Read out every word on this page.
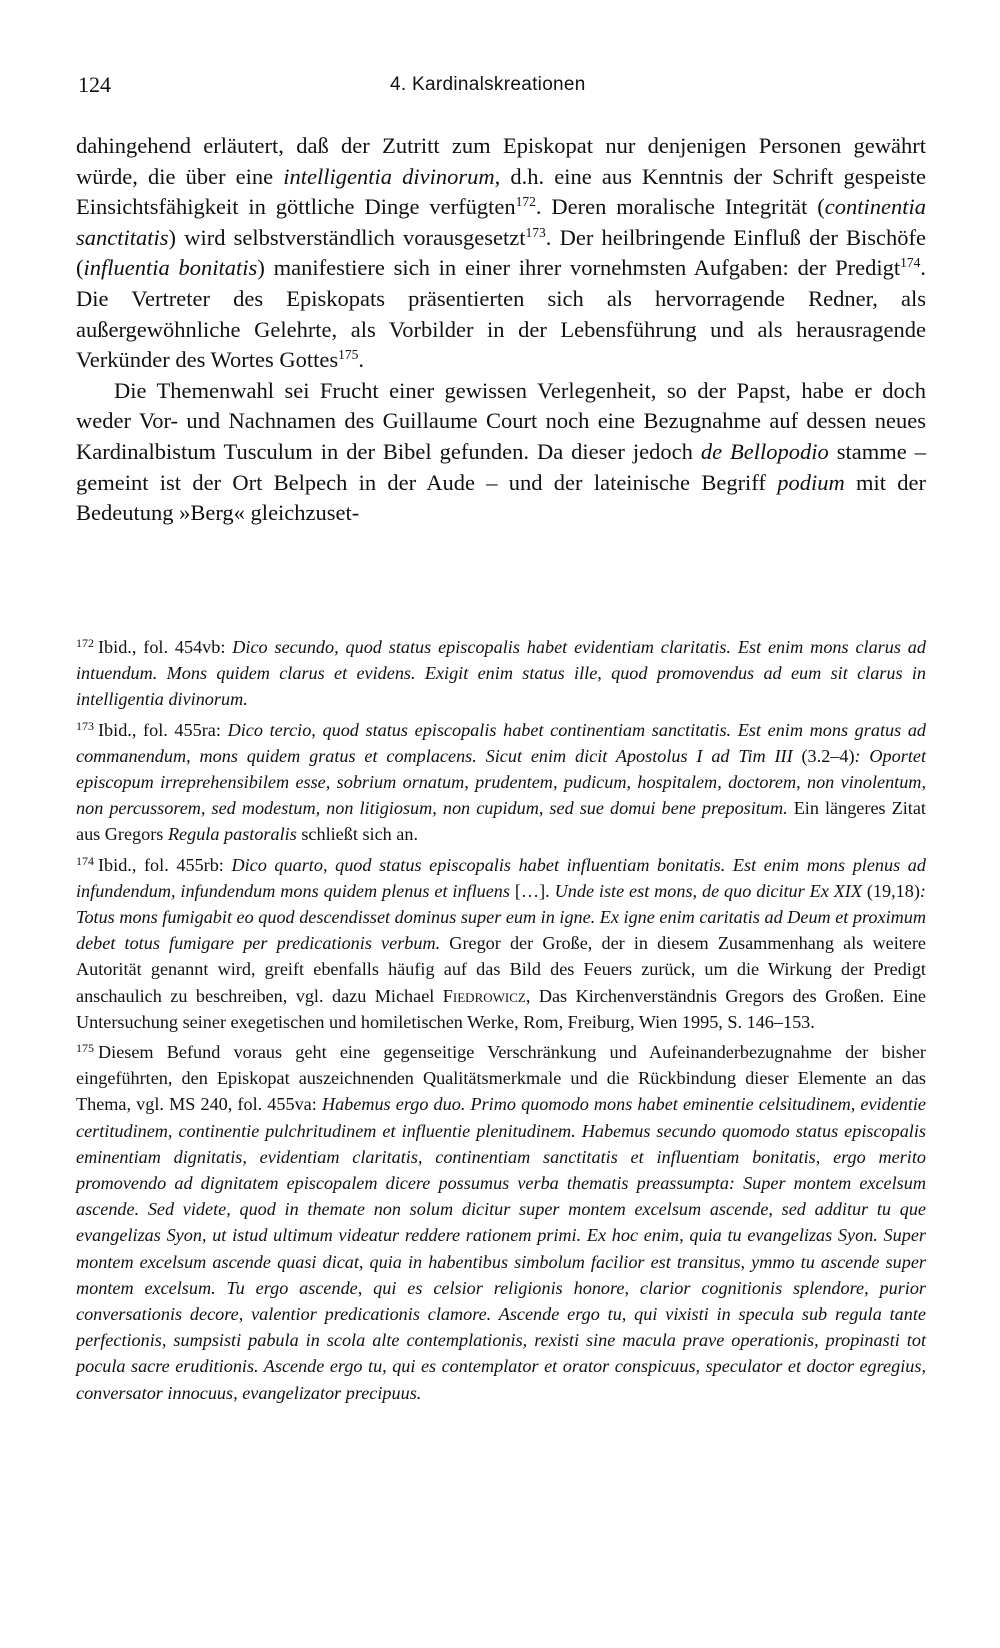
124	4. Kardinalskreationen

dahingehend erläutert, daß der Zutritt zum Episkopat nur denjenigen Personen gewährt würde, die über eine intelligentia divinorum, d.h. eine aus Kenntnis der Schrift gespeiste Einsichtsfähigkeit in göttliche Dinge verfügten$^{172}$. Deren moralische Integrität (continentia sanctitatis) wird selbstverständlich vorausgesetzt$^{173}$. Der heilbringende Einfluß der Bischöfe (influentia bonitatis) manifestiere sich in einer ihrer vornehmsten Aufgaben: der Predigt$^{174}$. Die Vertreter des Episkopats präsentierten sich als hervorragende Redner, als außergewöhnliche Gelehrte, als Vorbilder in der Lebensführung und als herausragende Verkünder des Wortes Gottes$^{175}$.

Die Themenwahl sei Frucht einer gewissen Verlegenheit, so der Papst, habe er doch weder Vor- und Nachnamen des Guillaume Court noch eine Bezugnahme auf dessen neues Kardinalbistum Tusculum in der Bibel gefunden. Da dieser jedoch de Bellopodio stamme – gemeint ist der Ort Belpech in der Aude – und der lateinische Begriff podium mit der Bedeutung »Berg« gleichzuset-

$^{172}$ Ibid., fol. 454vb: Dico secundo, quod status episcopalis habet evidentiam claritatis. Est enim mons clarus ad intuendum. Mons quidem clarus et evidens. Exigit enim status ille, quod promovendus ad eum sit clarus in intelligentia divinorum.

$^{173}$ Ibid., fol. 455ra: Dico tercio, quod status episcopalis habet continentiam sanctitatis. Est enim mons gratus ad commanendum, mons quidem gratus et complacens. Sicut enim dicit Apostolus I ad Tim III (3.2–4): Oportet episcopum irreprehensibilem esse, sobrium ornatum, prudentem, pudicum, hospitalem, doctorem, non vinolentum, non percussorem, sed modestum, non litigiosum, non cupidum, sed sue domui bene prepositum. Ein längeres Zitat aus Gregors Regula pastoralis schließt sich an.

$^{174}$ Ibid., fol. 455rb: Dico quarto, quod status episcopalis habet influentiam bonitatis. Est enim mons plenus ad infundendum, infundendum mons quidem plenus et influens […]. Unde iste est mons, de quo dicitur Ex XIX (19,18): Totus mons fumigabit eo quod descendisset dominus super eum in igne. Ex igne enim caritatis ad Deum et proximum debet totus fumigare per predicationis verbum. Gregor der Große, der in diesem Zusammenhang als weitere Autorität genannt wird, greift ebenfalls häufig auf das Bild des Feuers zurück, um die Wirkung der Predigt anschaulich zu beschreiben, vgl. dazu Michael Fiedrowicz, Das Kirchenverständnis Gregors des Großen. Eine Untersuchung seiner exegetischen und homiletischen Werke, Rom, Freiburg, Wien 1995, S. 146–153.

$^{175}$ Diesem Befund voraus geht eine gegenseitige Verschränkung und Aufeinanderbezugnahme der bisher eingeführten, den Episkopat auszeichnenden Qualitätsmerkmale und die Rückbindung dieser Elemente an das Thema, vgl. MS 240, fol. 455va: Habemus ergo duo. Primo quomodo mons habet eminentie celsitudinem, evidentie certitudinem, continentie pulchritudinem et influentie plenitudinem. Habemus secundo quomodo status episcopalis eminentiam dignitatis, evidentiam claritatis, continentiam sanctitatis et influentiam bonitatis, ergo merito promovendo ad dignitatem episcopalem dicere possumus verba thematis preassumpta: Super montem excelsum ascende. Sed videte, quod in themate non solum dicitur super montem excelsum ascende, sed additur tu que evangelizas Syon, ut istud ultimum videatur reddere rationem primi. Ex hoc enim, quia tu evangelizas Syon. Super montem excelsum ascende quasi dicat, quia in habentibus simbolum facilior est transitus, ymmo tu ascende super montem excelsum. Tu ergo ascende, qui es celsior religionis honore, clarior cognitionis splendore, purior conversationis decore, valentior predicationis clamore. Ascende ergo tu, qui vixisti in specula sub regula tante perfectionis, sumpsisti pabula in scola alte contemplationis, rexisti sine macula prave operationis, propinasti tot pocula sacre eruditionis. Ascende ergo tu, qui es contemplator et orator conspicuus, speculator et doctor egregius, conversator innocuus, evangelizator precipuus.
